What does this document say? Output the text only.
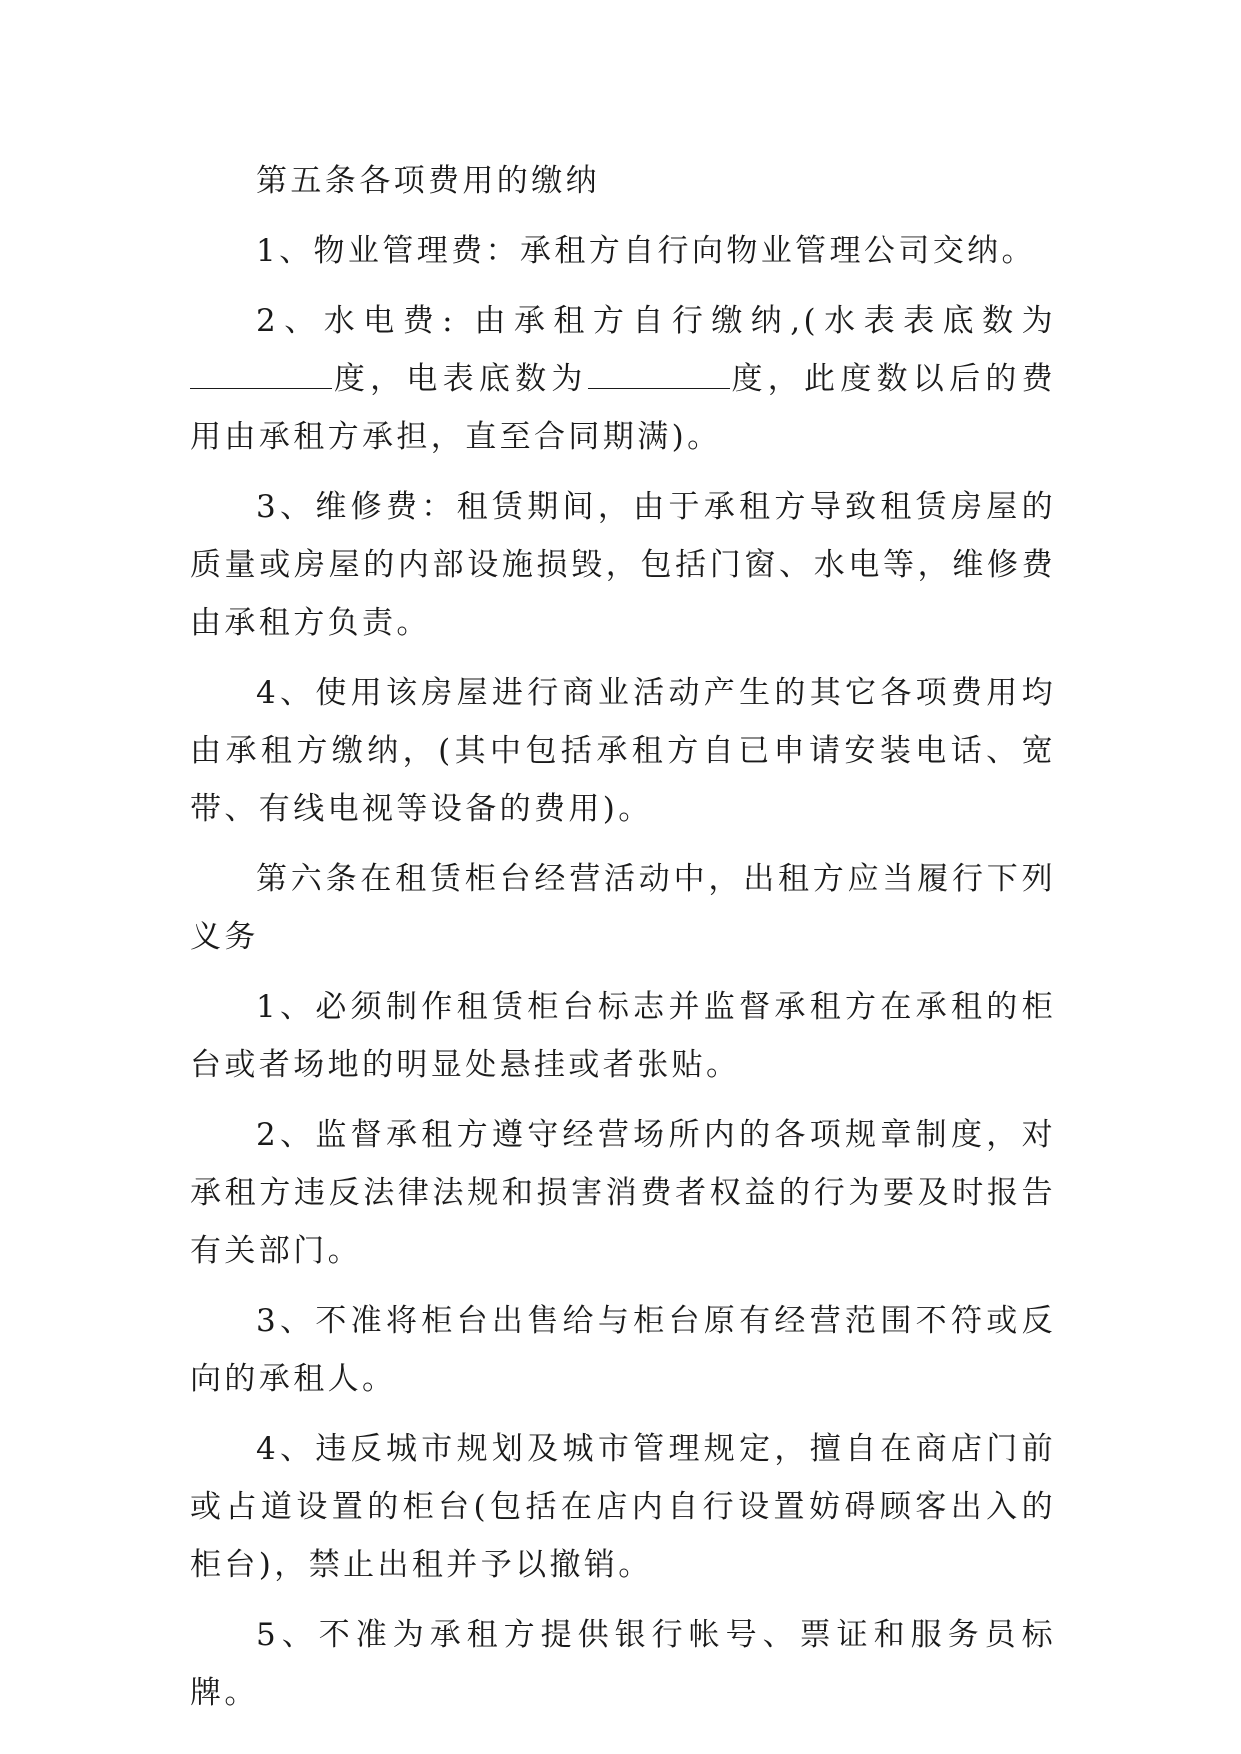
第五条各项费用的缴纳

1、物业管理费：承租方自行向物业管理公司交纳。

2、水电费: 由承租方自行缴纳,(水表表底数为度，电表底数为	度，此度数以后的费用由承租方承担，直至合同期满)。

3、维修费：租赁期间，由于承租方导致租赁房屋的质量或房屋的内部设施损毁，包括门窗、水电等，维修费由承租方负责。

4、使用该房屋进行商业活动产生的其它各项费用均由承租方缴纳，(其中包括承租方自已申请安装电话、宽带、有线电视等设备的费用)。

第六条在租赁柜台经营活动中，出租方应当履行下列义务

1、必须制作租赁柜台标志并监督承租方在承租的柜台或者场地的明显处悬挂或者张贴。

2、监督承租方遵守经营场所内的各项规章制度，对承租方违反法律法规和损害消费者权益的行为要及时报告有关部门。

3、不准将柜台出售给与柜台原有经营范围不符或反向的承租人。

4、违反城市规划及城市管理规定，擅自在商店门前或占道设置的柜台(包括在店内自行设置妨碍顾客出入的柜台)，禁止出租并予以撤销。

5、不准为承租方提供银行帐号、票证和服务员标牌。
